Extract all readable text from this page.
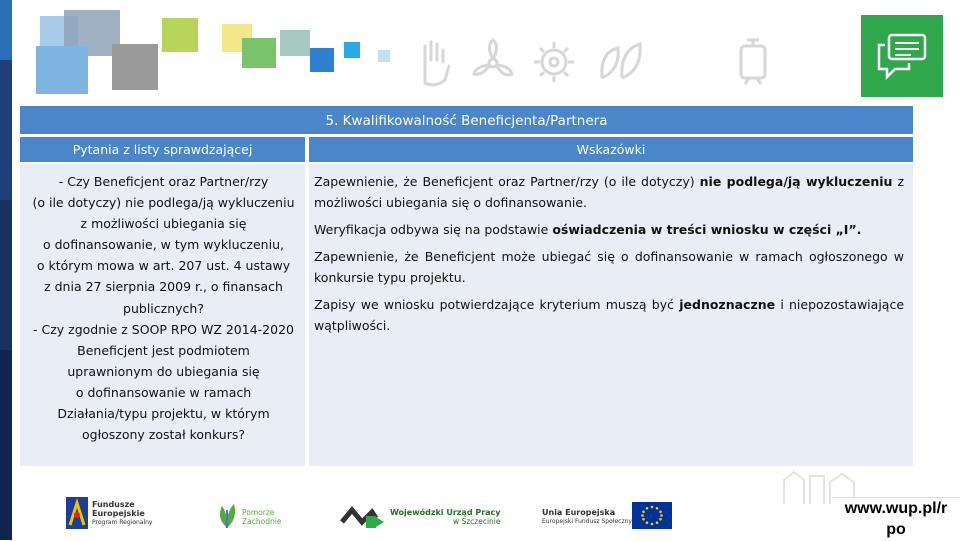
5. Kwalifikowalność Beneficjenta/Partnera
Pytania z listy sprawdzającej	Wskazówki
- Czy Beneficjent oraz Partner/rzy
(o ile dotyczy) nie podlega/ją wykluczeniu
z możliwości ubiegania się
o dofinansowanie, w tym wykluczeniu,
o którym mowa w art. 207 ust. 4 ustawy
z dnia 27 sierpnia 2009 r., o finansach
publicznych?
- Czy zgodnie z SOOP RPO WZ 2014-2020
Beneficjent jest podmiotem
uprawnionym do ubiegania się
o dofinansowanie w ramach
Działania/typu projektu, w którym
ogłoszony został konkurs?

Zapewnienie, że Beneficjent oraz Partner/rzy (o ile dotyczy) nie podlega/ją wykluczeniu z możliwości ubiegania się o dofinansowanie.

Weryfikacja odbywa się na podstawie oświadczenia w treści wniosku w części „I”.

Zapewnienie, że Beneficjent może ubiegać się o dofinansowanie w ramach ogłoszonego w konkursie typu projektu.

Zapisy we wniosku potwierdzające kryterium muszą być jednoznaczne i niepozostawiające wątpliwości.

Fundusze
Europejskie
Program Regionalny
Pomorze
Zachodnie
Wojewódzki Urząd Pracy
w Szczecinie
Unia Europejska
Europejski Fundusz Społeczny
www.wup.pl/r po
